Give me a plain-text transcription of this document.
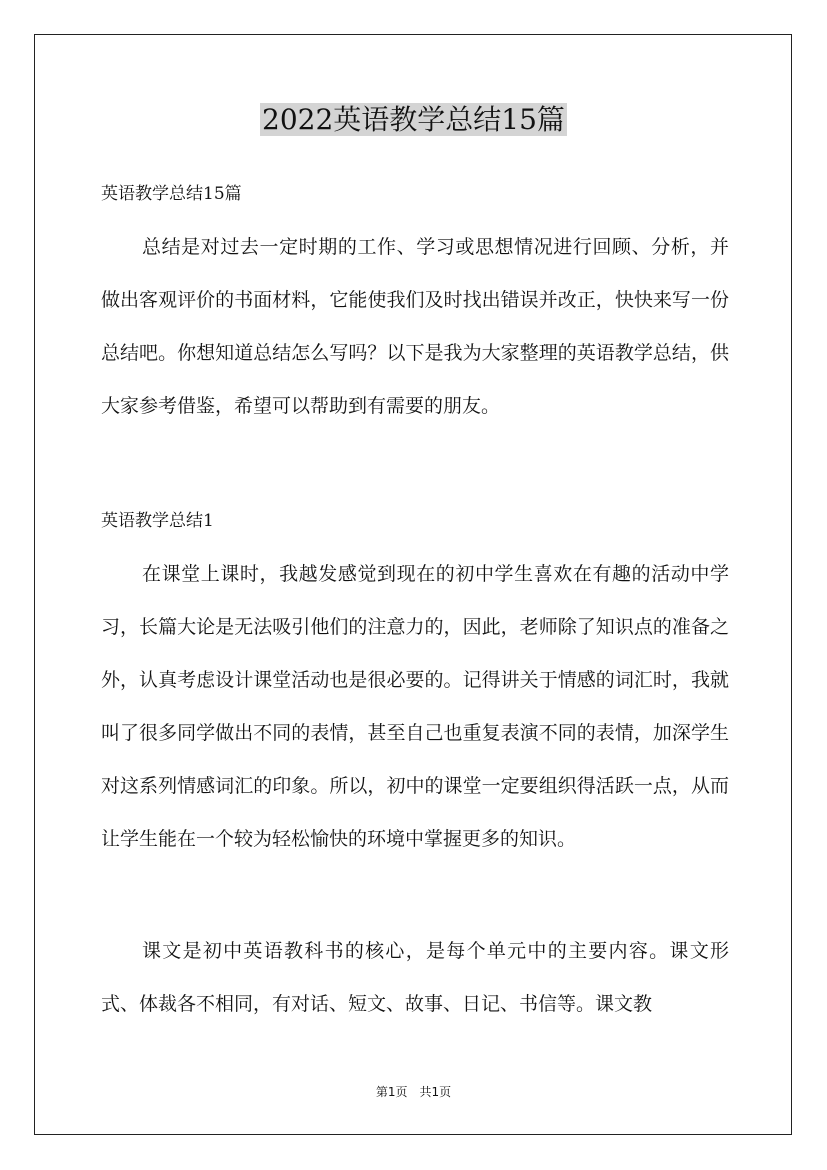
2022英语教学总结15篇
英语教学总结15篇

总结是对过去一定时期的工作、学习或思想情况进行回顾、分析，并做出客观评价的书面材料，它能使我们及时找出错误并改正，快快来写一份总结吧。你想知道总结怎么写吗？以下是我为大家整理的英语教学总结，供大家参考借鉴，希望可以帮助到有需要的朋友。

英语教学总结1

在课堂上课时，我越发感觉到现在的初中学生喜欢在有趣的活动中学习，长篇大论是无法吸引他们的注意力的，因此，老师除了知识点的准备之外，认真考虑设计课堂活动也是很必要的。记得讲关于情感的词汇时，我就叫了很多同学做出不同的表情，甚至自己也重复表演不同的表情，加深学生对这系列情感词汇的印象。所以，初中的课堂一定要组织得活跃一点，从而让学生能在一个较为轻松愉快的环境中掌握更多的知识。

课文是初中英语教科书的核心，是每个单元中的主要内容。课文形式、体裁各不相同，有对话、短文、故事、日记、书信等。课文教

第1页　共1页
